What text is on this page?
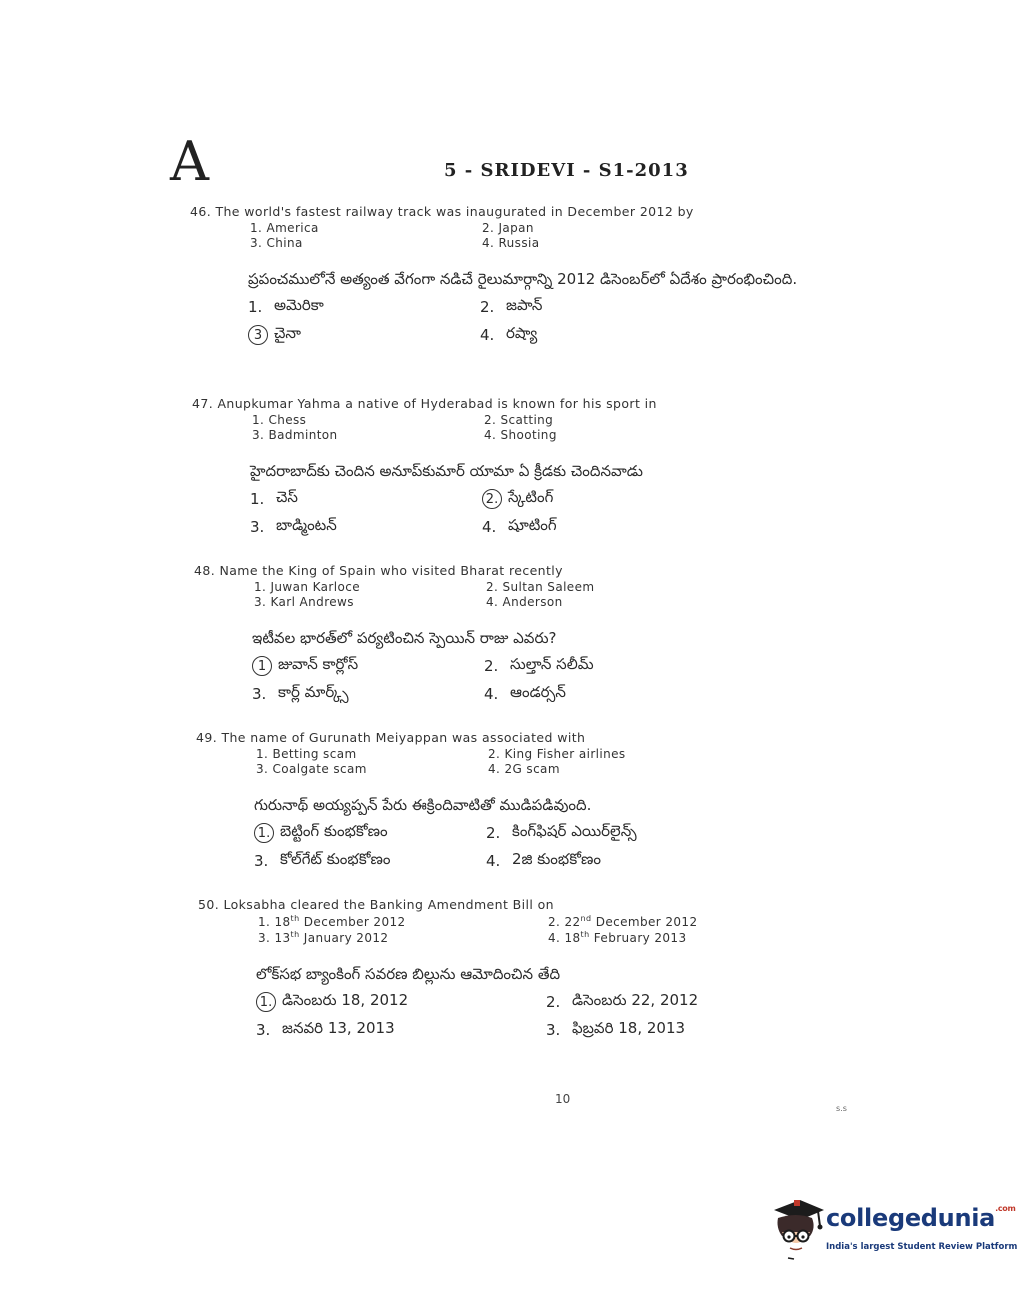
A	5 - SRIDEVI - S1-2013
46. The world's fastest railway track was inaugurated in December 2012 by
1. America	2. Japan
3. China	4. Russia
ప్రపంచములోనే అత్యంత వేగంగా నడిచే రైలుమార్గాన్ని 2012 డిసెంబర్‌లో ఏదేశం ప్రారంభించింది.
1. అమెరికా	2. జపాన్
3 చైనా	4. రష్యా
47. Anupkumar Yahma a native of Hyderabad is known for his sport in
1. Chess	2. Scatting
3. Badminton	4. Shooting
హైదరాబాద్‌కు చెందిన అనూప్‌కుమార్ యామా ఏ క్రీడకు చెందినవాడు
1. చెస్	2. స్కేటింగ్
3. బాడ్మింటన్	4. షూటింగ్
48. Name the King of Spain who visited Bharat recently
1. Juwan Karloce	2. Sultan Saleem
3. Karl Andrews	4. Anderson
ఇటీవల భారత్‌లో పర్యటించిన స్పెయిన్ రాజు ఎవరు?
1 జువాన్ కార్లోస్	2. సుల్తాన్ సలీమ్
3. కార్ల్ మార్క్స్	4. ఆండర్సన్
49. The name of Gurunath Meiyappan was associated with
1. Betting scam	2. King Fisher airlines
3. Coalgate scam	4. 2G scam
గురునాథ్ అయ్యప్పన్ పేరు ఈక్రిందివాటితో ముడిపడివుంది.
1. బెట్టింగ్ కుంభకోణం	2. కింగ్‌ఫిషర్ ఎయిర్‌లైన్స్
3. కోల్‌గేట్ కుంభకోణం	4. 2జి కుంభకోణం
50. Loksabha cleared the Banking Amendment Bill on
1. 18th December 2012	2. 22nd December 2012
3. 13th January 2012	4. 18th February 2013
లోక్‌సభ బ్యాంకింగ్ సవరణ బిల్లును ఆమోదించిన తేది
1. డిసెంబరు 18, 2012	2. డిసెంబరు 22, 2012
3. జనవరి 13, 2013	3. ఫిబ్రవరి 18, 2013
10
s.s
collegedunia$^{.com}$
India's largest Student Review Platform
